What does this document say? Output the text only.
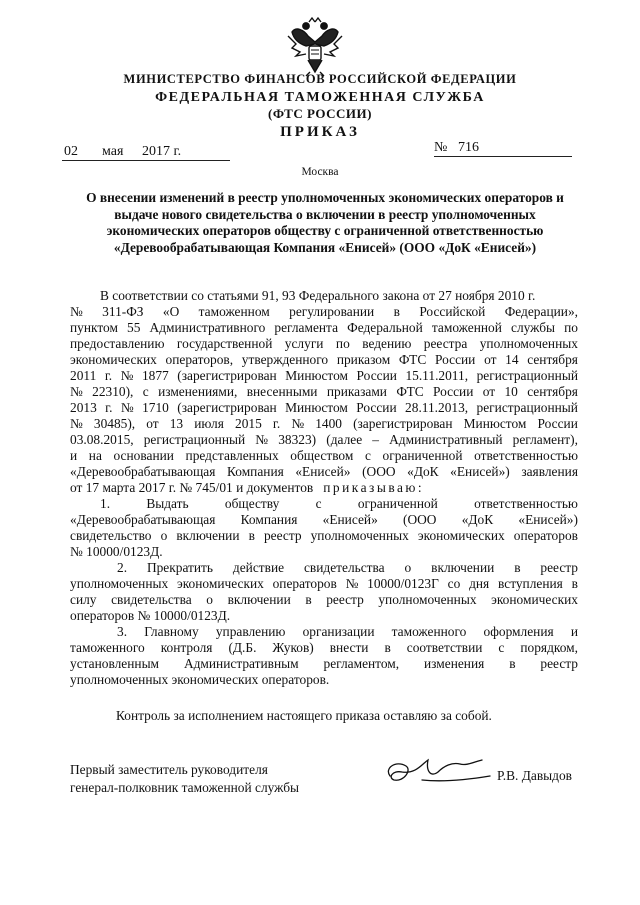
МИНИСТЕРСТВО ФИНАНСОВ РОССИЙСКОЙ ФЕДЕРАЦИИ
ФЕДЕРАЛЬНАЯ ТАМОЖЕННАЯ СЛУЖБА
(ФТС РОССИИ)
ПРИКАЗ
02 мая 2017 г.	№ 716
Москва
О внесении изменений в реестр уполномоченных экономических операторов и
выдаче нового свидетельства о включении в реестр уполномоченных
экономических операторов обществу с ограниченной ответственностью
«Деревообрабатывающая Компания «Енисей» (ООО «ДоК «Енисей»)
В соответствии со статьями 91, 93 Федерального закона от 27 ноября 2010 г.
№ 311-ФЗ «О таможенном регулировании в Российской Федерации»,
пунктом 55 Административного регламента Федеральной таможенной службы по
предоставлению государственной услуги по ведению реестра уполномоченных
экономических операторов, утвержденного приказом ФТС России от 14 сентября
2011 г. № 1877 (зарегистрирован Минюстом России 15.11.2011, регистрационный
№ 22310), с изменениями, внесенными приказами ФТС России от 10 сентября
2013 г. № 1710 (зарегистрирован Минюстом России 28.11.2013, регистрационный
№ 30485), от 13 июля 2015 г. № 1400 (зарегистрирован Минюстом России
03.08.2015, регистрационный № 38323) (далее – Административный регламент),
и на основании представленных обществом с ограниченной ответственностью
«Деревообрабатывающая Компания «Енисей» (ООО «ДоК «Енисей») заявления
от 17 марта 2017 г. № 745/01 и документов   приказываю:
1.	Выдать	обществу	с	ограниченной	ответственностью
«Деревообрабатывающая Компания «Енисей» (ООО «ДоК «Енисей»)
свидетельство о включении в реестр уполномоченных экономических операторов
№ 10000/0123Д.
2. Прекратить действие свидетельства о включении в реестр
уполномоченных экономических операторов № 10000/0123Г со дня вступления в
силу свидетельства о включении в реестр уполномоченных экономических
операторов № 10000/0123Д.
3. Главному управлению организации таможенного оформления и
таможенного контроля (Д.Б. Жуков) внести в соответствии с порядком,
установленным Административным регламентом, изменения в реестр
уполномоченных экономических операторов.
Контроль за исполнением настоящего приказа оставляю за собой.
Первый заместитель руководителя
генерал-полковник таможенной службы
Р.В. Давыдов
